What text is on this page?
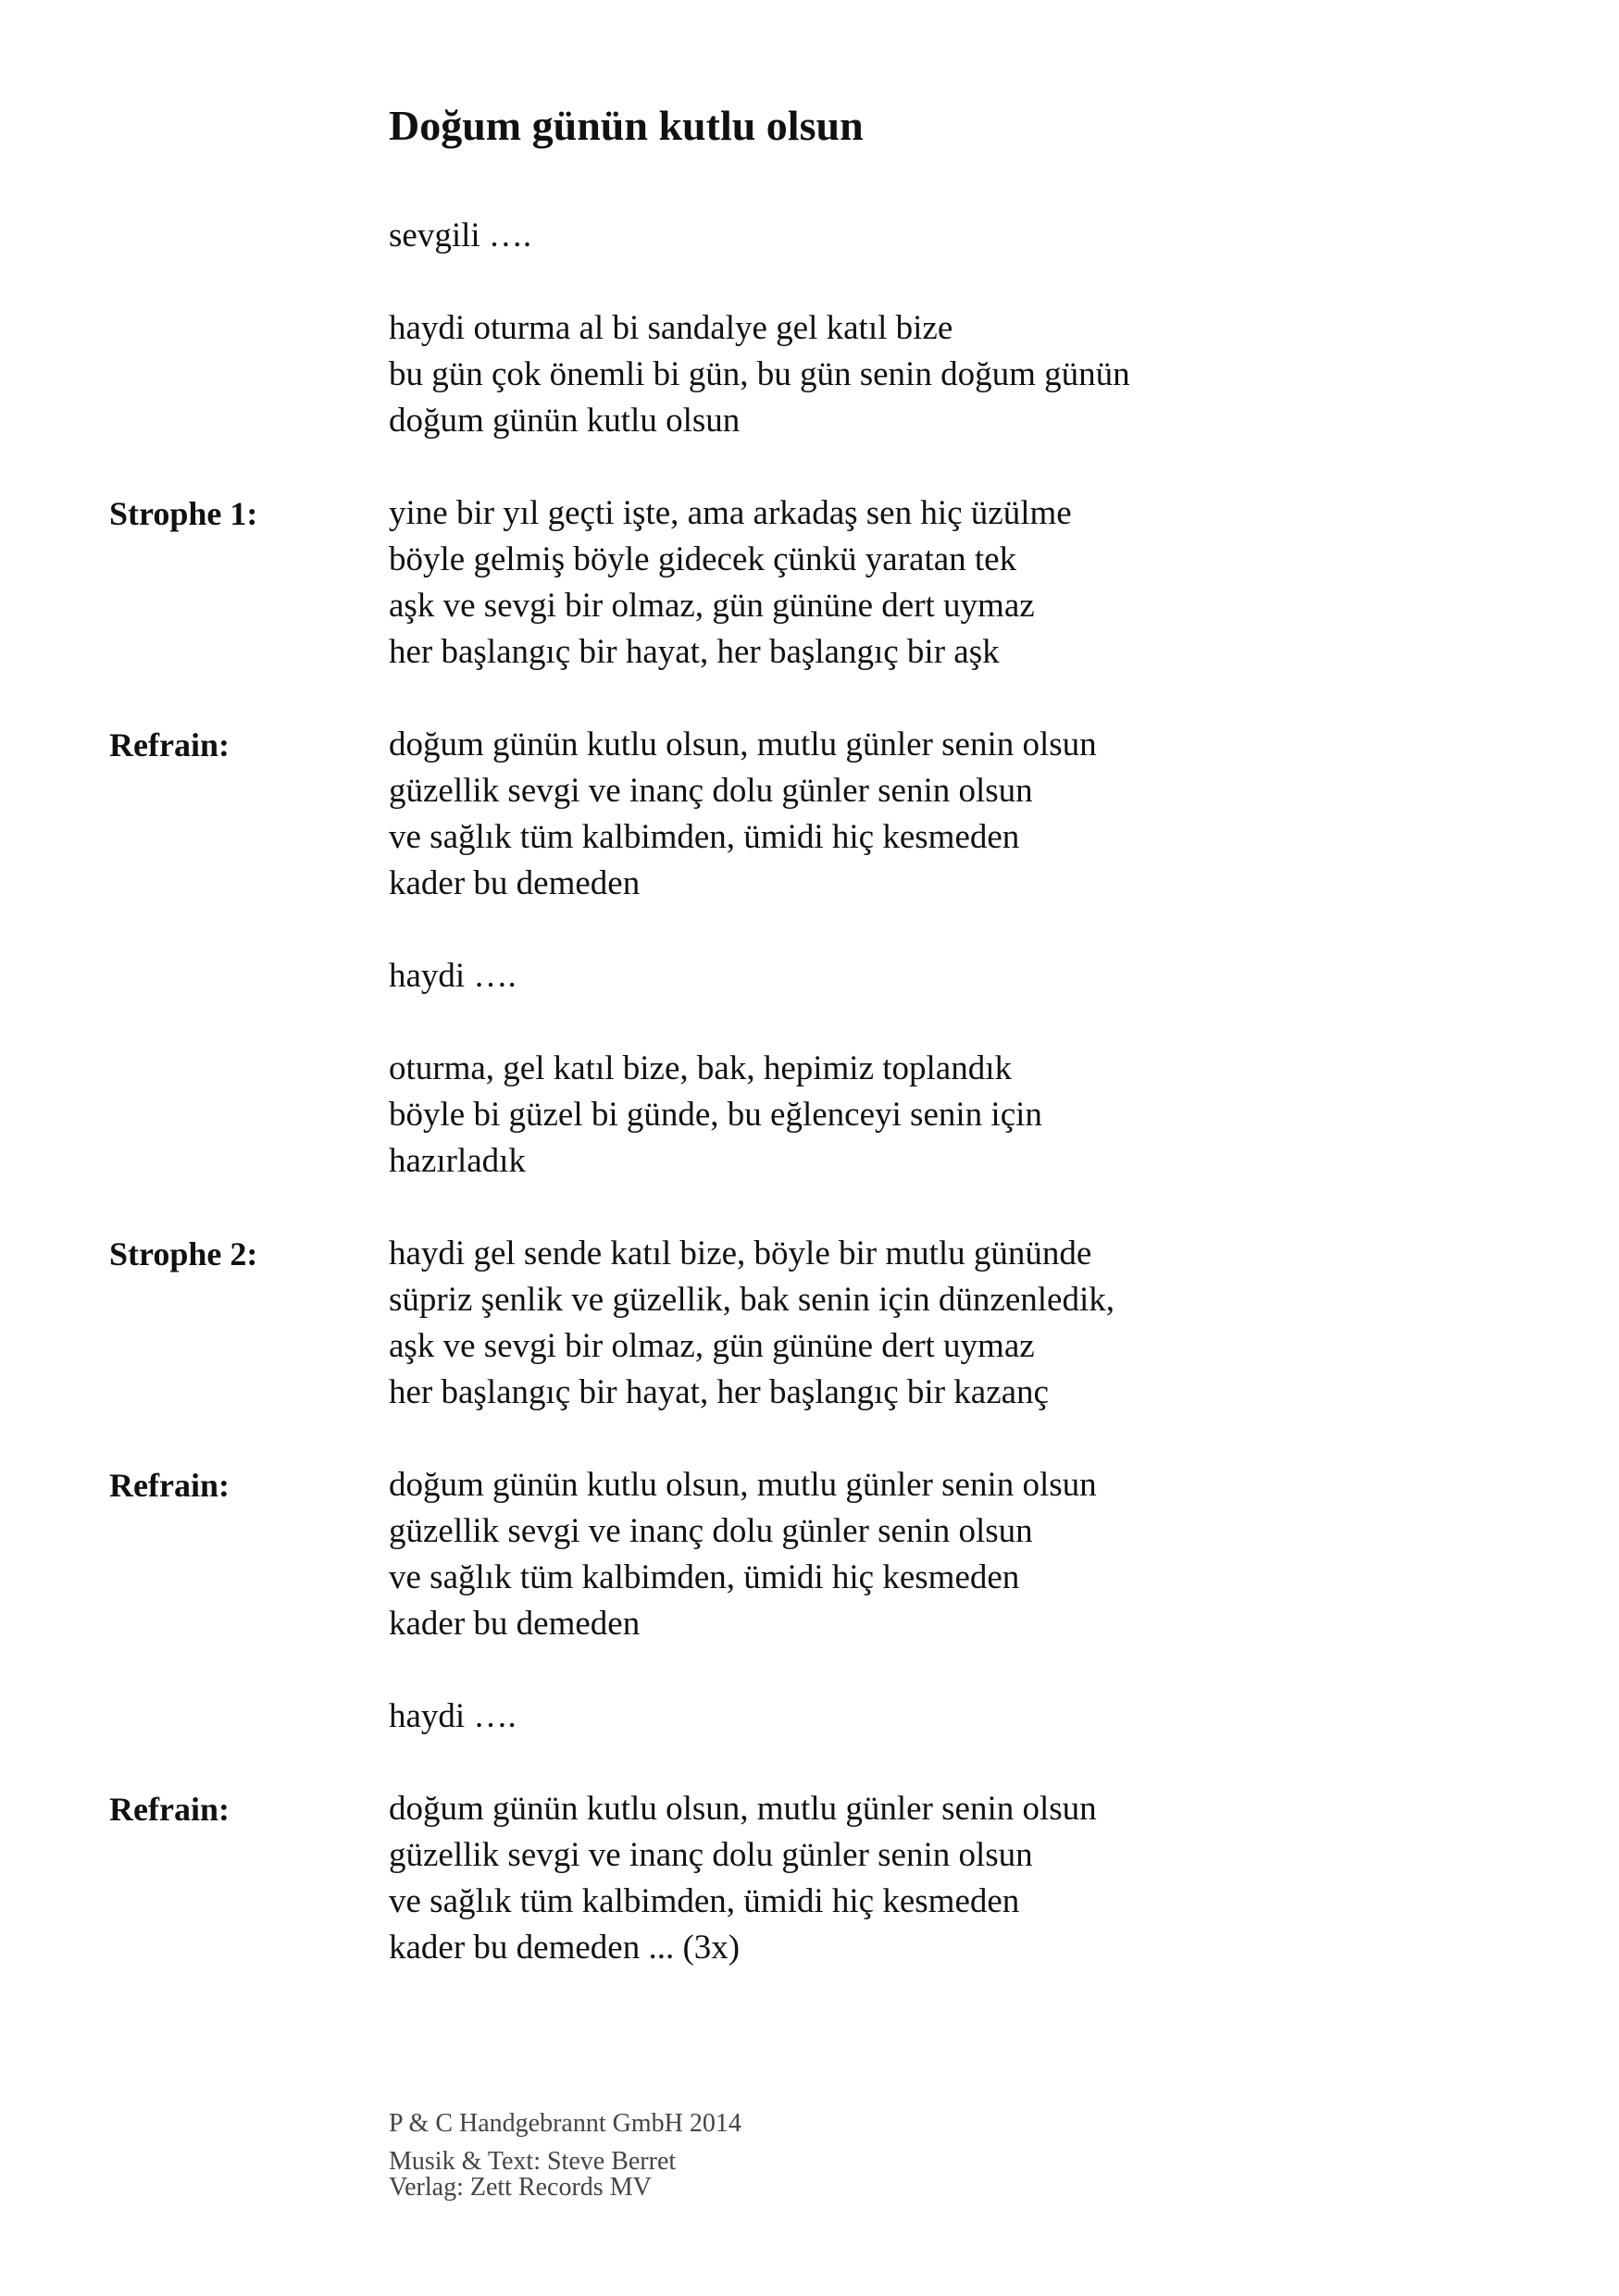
Doğum günün kutlu olsun
sevgili ….
haydi oturma al bi sandalye gel katıl bize
bu gün çok önemli bi gün, bu gün senin doğum günün
doğum günün kutlu olsun
Strophe 1:	yine bir yıl geçti işte, ama arkadaş sen hiç üzülme
böyle gelmiş böyle gidecek çünkü yaratan tek
aşk ve sevgi bir olmaz, gün gününe dert uymaz
her başlangıç bir hayat, her başlangıç bir aşk
Refrain:	doğum günün kutlu olsun, mutlu günler senin olsun
güzellik sevgi ve inanç dolu günler senin olsun
ve sağlık tüm kalbimden, ümidi hiç kesmeden
kader bu demeden
haydi ….
oturma, gel katıl bize, bak, hepimiz toplandık
böyle bi güzel bi günde, bu eğlenceyi senin için
hazırladık
Strophe 2:	haydi gel sende katıl bize, böyle bir mutlu gününde
süpriz şenlik ve güzellik, bak senin için dünzenledik,
aşk ve sevgi bir olmaz, gün gününe dert uymaz
her başlangıç bir hayat, her başlangıç bir kazanç
Refrain:	doğum günün kutlu olsun, mutlu günler senin olsun
güzellik sevgi ve inanç dolu günler senin olsun
ve sağlık tüm kalbimden, ümidi hiç kesmeden
kader bu demeden
haydi ….
Refrain:	doğum günün kutlu olsun, mutlu günler senin olsun
güzellik sevgi ve inanç dolu günler senin olsun
ve sağlık tüm kalbimden, ümidi hiç kesmeden
kader bu demeden ... (3x)
P & C Handgebrannt GmbH 2014
Musik & Text: Steve Berret
Verlag: Zett Records MV
